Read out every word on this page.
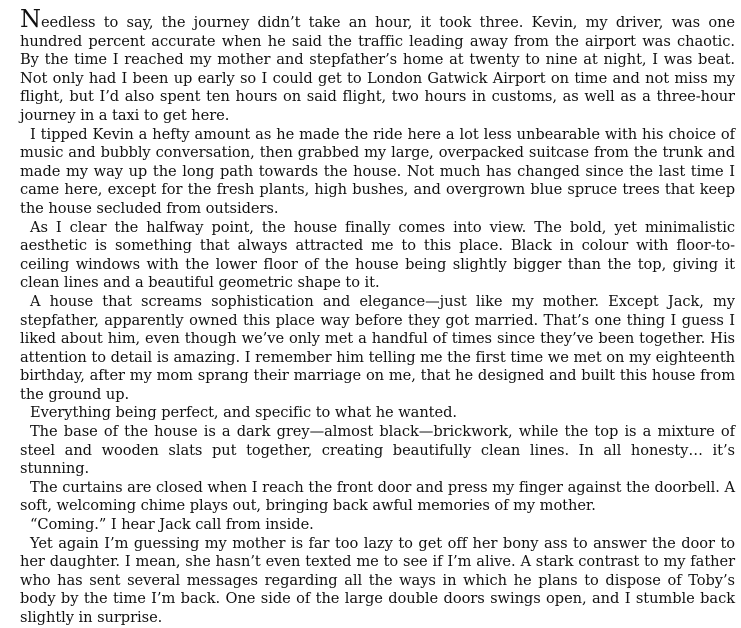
Needless to say, the journey didn’t take an hour, it took three. Kevin, my driver, was one hundred percent accurate when he said the traffic leading away from the airport was chaotic. By the time I reached my mother and stepfather’s home at twenty to nine at night, I was beat. Not only had I been up early so I could get to London Gatwick Airport on time and not miss my flight, but I’d also spent ten hours on said flight, two hours in customs, as well as a three-hour journey in a taxi to get here.

I tipped Kevin a hefty amount as he made the ride here a lot less unbearable with his choice of music and bubbly conversation, then grabbed my large, overpacked suitcase from the trunk and made my way up the long path towards the house. Not much has changed since the last time I came here, except for the fresh plants, high bushes, and overgrown blue spruce trees that keep the house secluded from outsiders.

As I clear the halfway point, the house finally comes into view. The bold, yet minimalistic aesthetic is something that always attracted me to this place. Black in colour with floor-to-ceiling windows with the lower floor of the house being slightly bigger than the top, giving it clean lines and a beautiful geometric shape to it.

A house that screams sophistication and elegance—just like my mother. Except Jack, my stepfather, apparently owned this place way before they got married. That’s one thing I guess I liked about him, even though we’ve only met a handful of times since they’ve been together. His attention to detail is amazing. I remember him telling me the first time we met on my eighteenth birthday, after my mom sprang their marriage on me, that he designed and built this house from the ground up.

Everything being perfect, and specific to what he wanted.

The base of the house is a dark grey—almost black—brickwork, while the top is a mixture of steel and wooden slats put together, creating beautifully clean lines. In all honesty… it’s stunning.

The curtains are closed when I reach the front door and press my finger against the doorbell. A soft, welcoming chime plays out, bringing back awful memories of my mother.

“Coming.” I hear Jack call from inside.

Yet again I’m guessing my mother is far too lazy to get off her bony ass to answer the door to her daughter. I mean, she hasn’t even texted me to see if I’m alive. A stark contrast to my father who has sent several messages regarding all the ways in which he plans to dispose of Toby’s body by the time I’m back. One side of the large double doors swings open, and I stumble back slightly in surprise.
